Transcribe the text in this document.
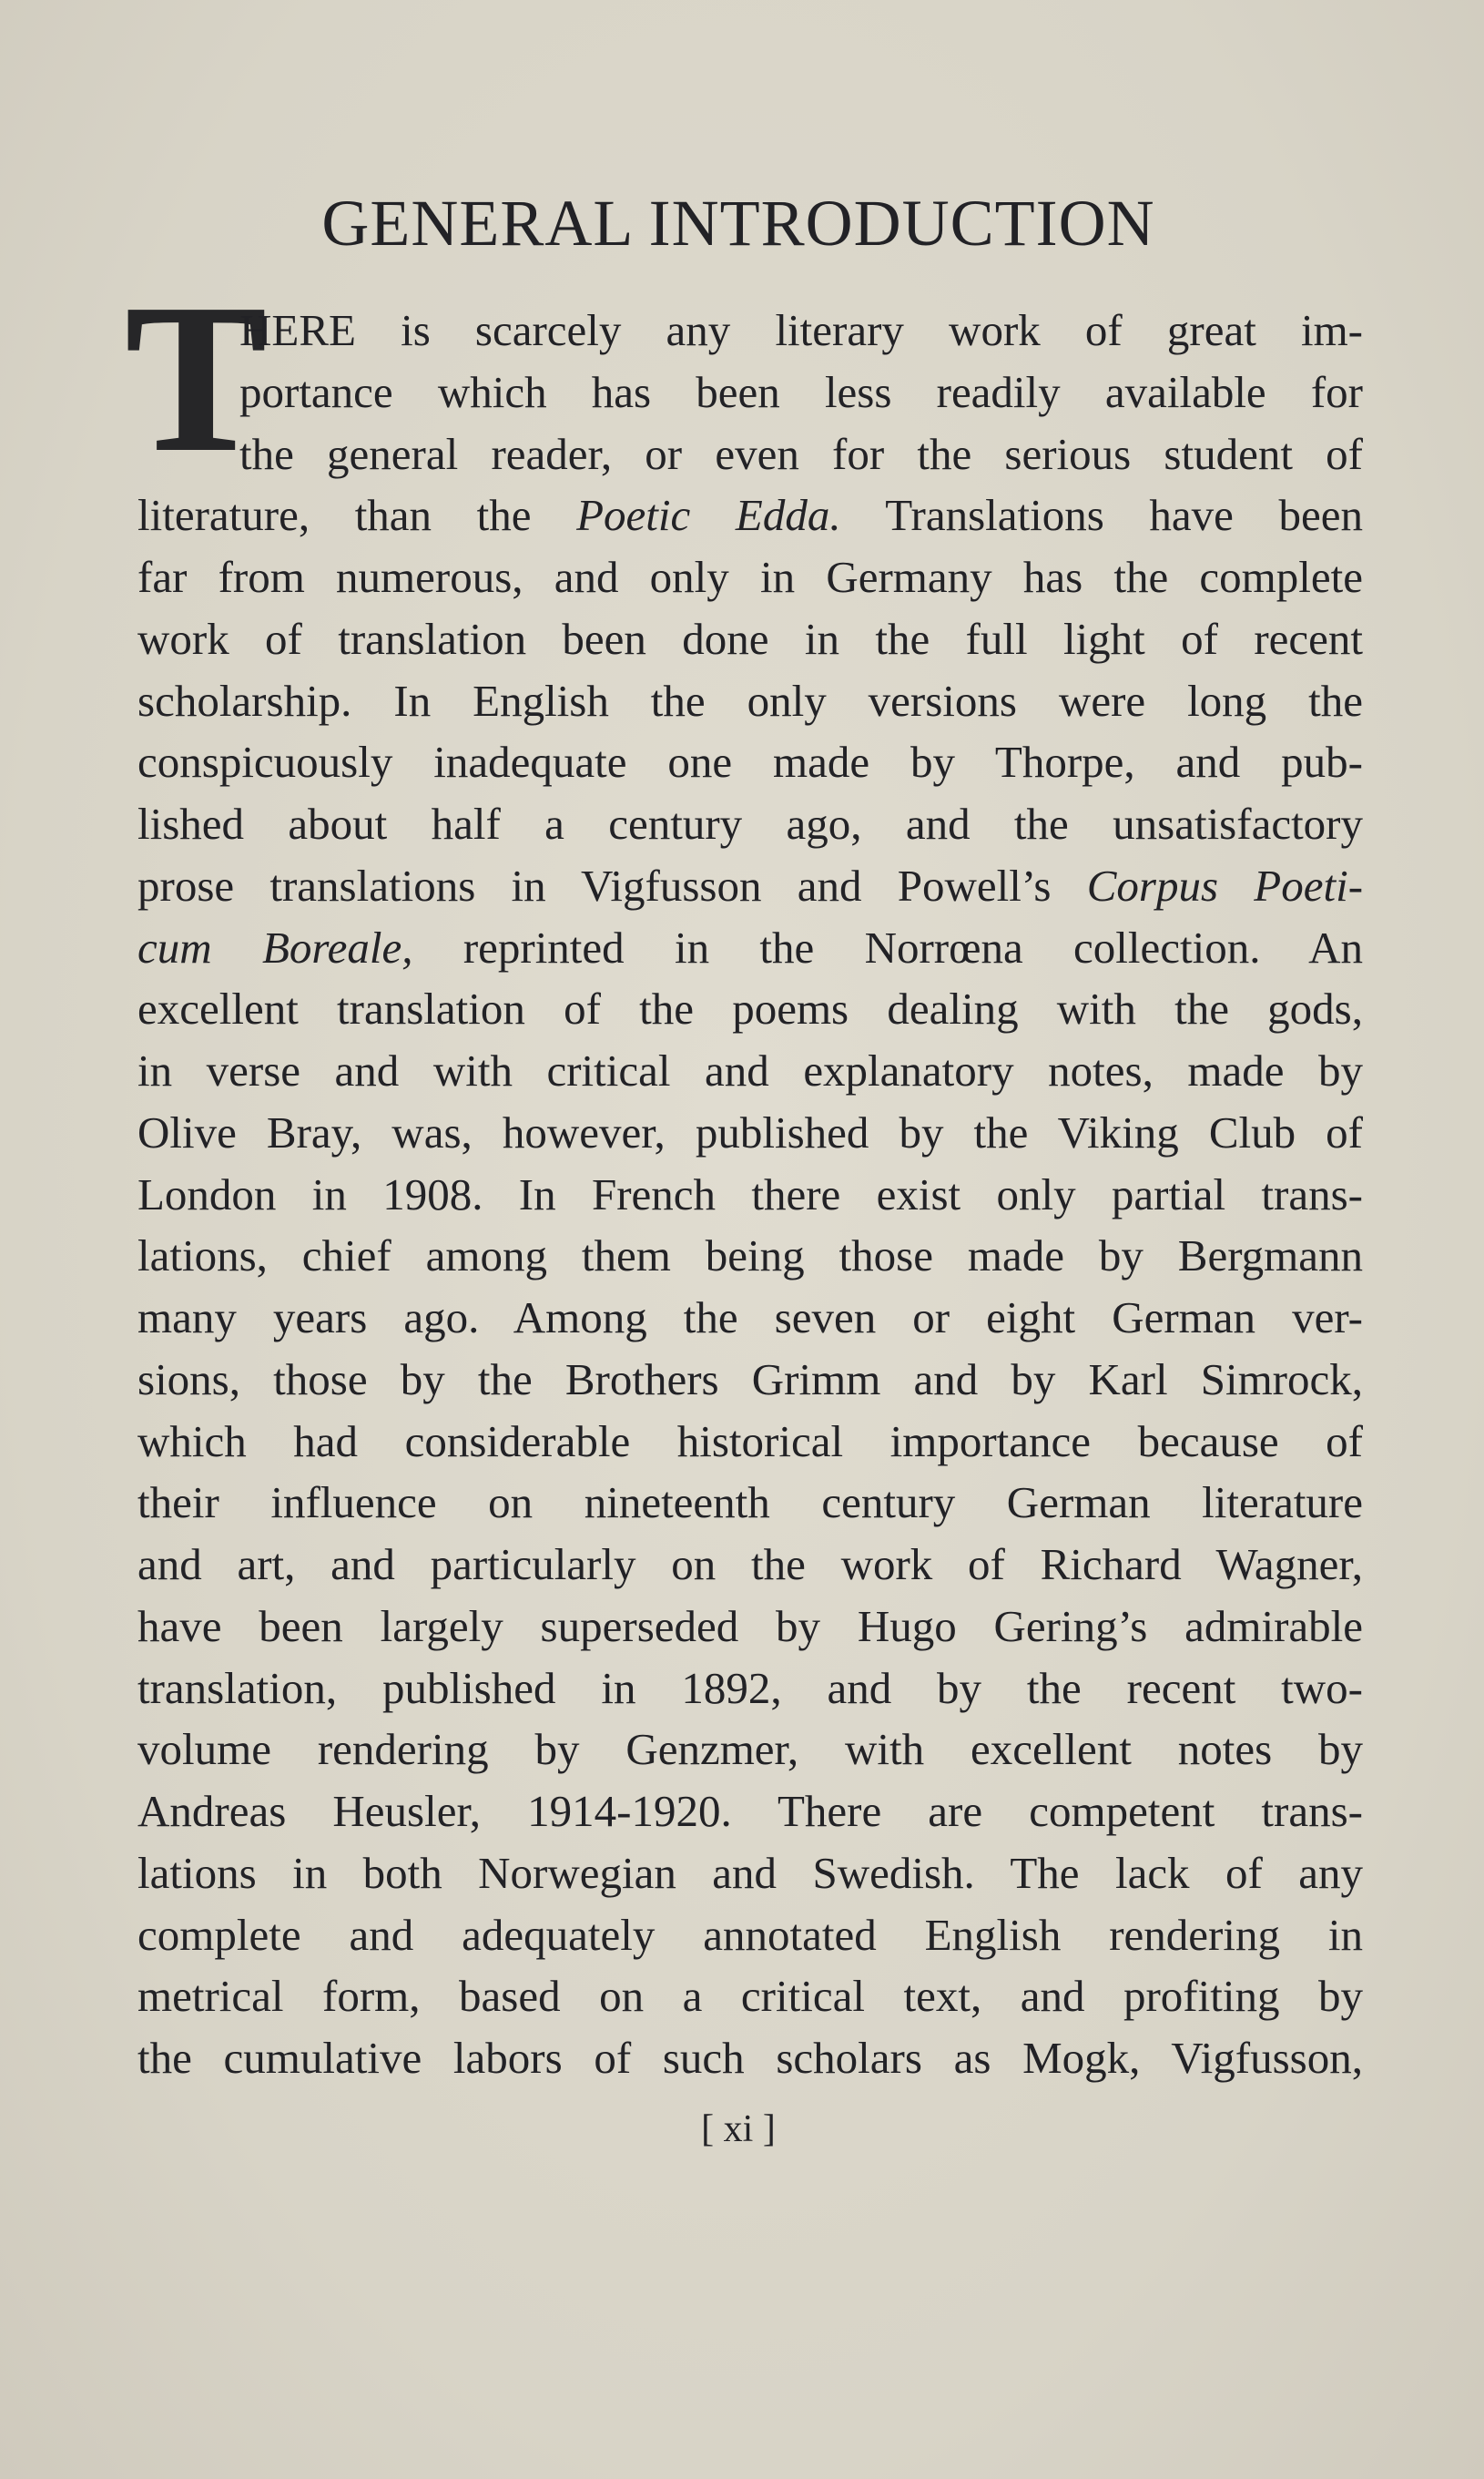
GENERAL INTRODUCTION
T
HERE is scarcely any literary work of great im-
portance which has been less readily available for
the general reader, or even for the serious student of
literature, than the Poetic Edda. Translations have been
far from numerous, and only in Germany has the complete
work of translation been done in the full light of recent
scholarship. In English the only versions were long the
conspicuously inadequate one made by Thorpe, and pub-
lished about half a century ago, and the unsatisfactory
prose translations in Vigfusson and Powell’s Corpus Poeti-
cum Boreale, reprinted in the Norrœna collection. An
excellent translation of the poems dealing with the gods,
in verse and with critical and explanatory notes, made by
Olive Bray, was, however, published by the Viking Club of
London in 1908. In French there exist only partial trans-
lations, chief among them being those made by Bergmann
many years ago. Among the seven or eight German ver-
sions, those by the Brothers Grimm and by Karl Simrock,
which had considerable historical importance because of
their influence on nineteenth century German literature
and art, and particularly on the work of Richard Wagner,
have been largely superseded by Hugo Gering’s admirable
translation, published in 1892, and by the recent two-
volume rendering by Genzmer, with excellent notes by
Andreas Heusler, 1914-1920. There are competent trans-
lations in both Norwegian and Swedish. The lack of any
complete and adequately annotated English rendering in
metrical form, based on a critical text, and profiting by
the cumulative labors of such scholars as Mogk, Vigfusson,
[ xi ]
